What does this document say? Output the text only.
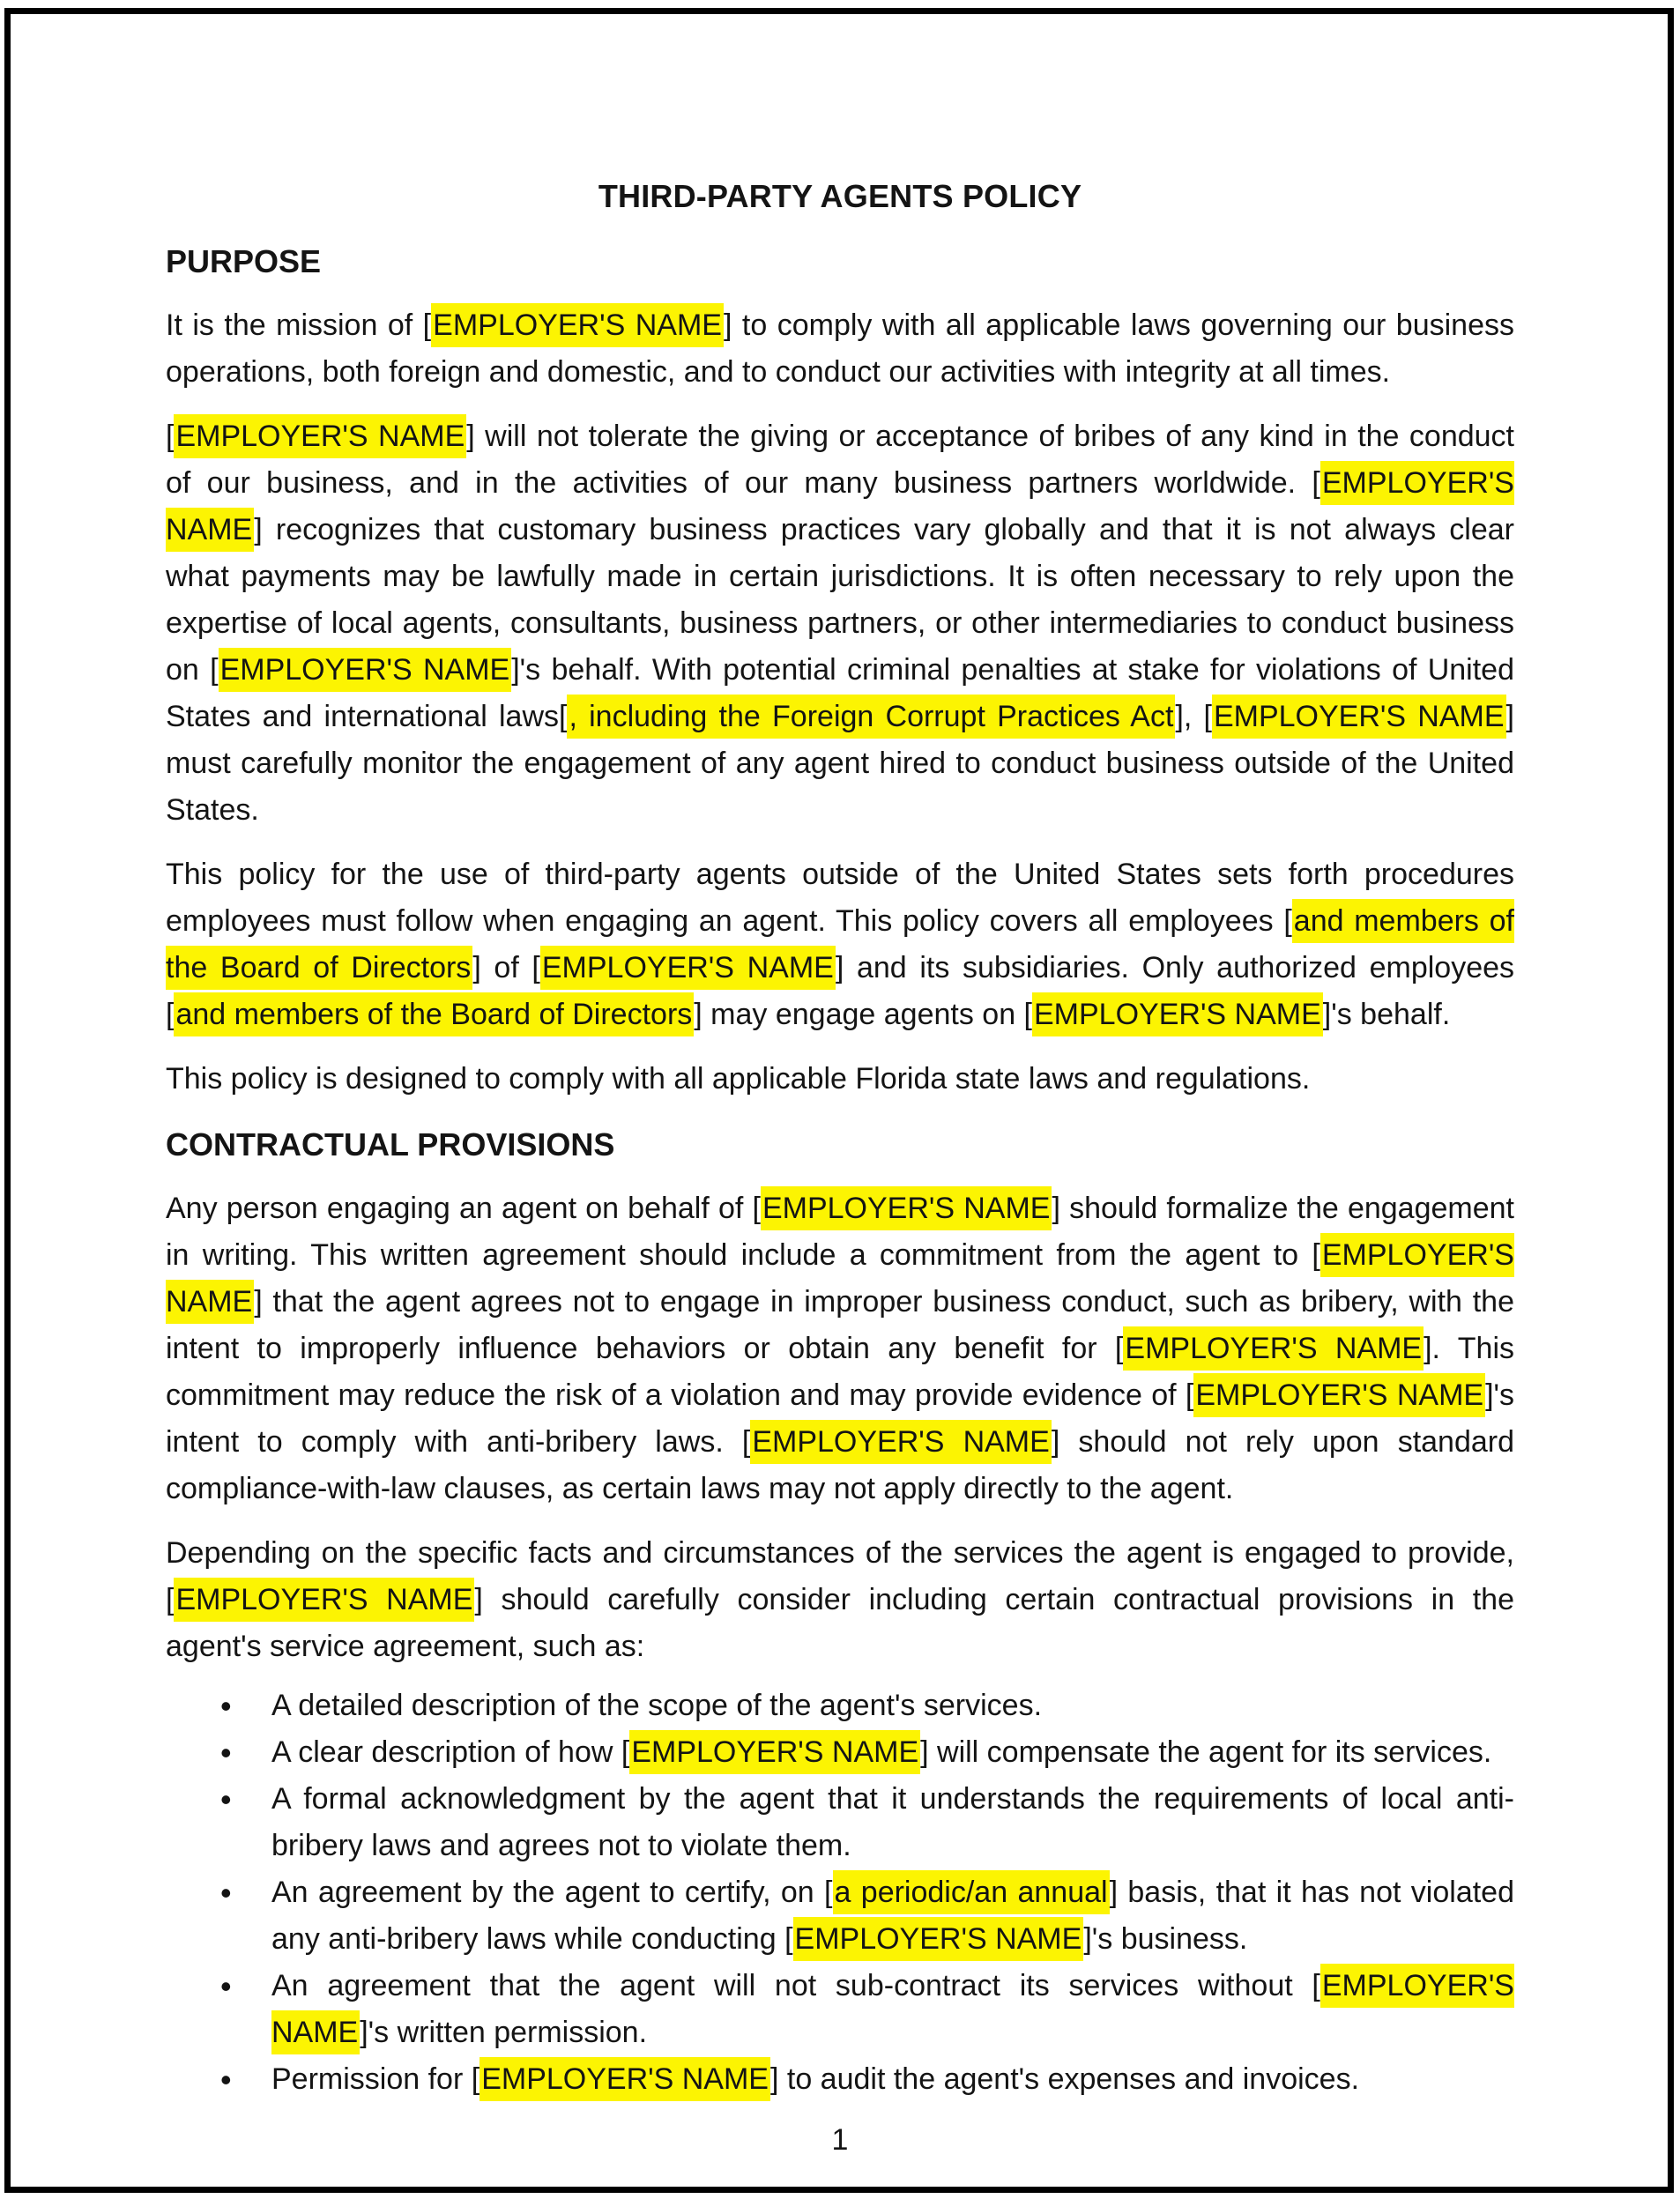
THIRD-PARTY AGENTS POLICY
PURPOSE

It is the mission of [EMPLOYER'S NAME] to comply with all applicable laws governing our business operations, both foreign and domestic, and to conduct our activities with integrity at all times.

[EMPLOYER'S NAME] will not tolerate the giving or acceptance of bribes of any kind in the conduct of our business, and in the activities of our many business partners worldwide. [EMPLOYER'S NAME] recognizes that customary business practices vary globally and that it is not always clear what payments may be lawfully made in certain jurisdictions. It is often necessary to rely upon the expertise of local agents, consultants, business partners, or other intermediaries to conduct business on [EMPLOYER'S NAME]'s behalf. With potential criminal penalties at stake for violations of United States and international laws[, including the Foreign Corrupt Practices Act], [EMPLOYER'S NAME] must carefully monitor the engagement of any agent hired to conduct business outside of the United States.

This policy for the use of third-party agents outside of the United States sets forth procedures employees must follow when engaging an agent. This policy covers all employees [and members of the Board of Directors] of [EMPLOYER'S NAME] and its subsidiaries. Only authorized employees [and members of the Board of Directors] may engage agents on [EMPLOYER'S NAME]'s behalf.

This policy is designed to comply with all applicable Florida state laws and regulations.

CONTRACTUAL PROVISIONS

Any person engaging an agent on behalf of [EMPLOYER'S NAME] should formalize the engagement in writing. This written agreement should include a commitment from the agent to [EMPLOYER'S NAME] that the agent agrees not to engage in improper business conduct, such as bribery, with the intent to improperly influence behaviors or obtain any benefit for [EMPLOYER'S NAME]. This commitment may reduce the risk of a violation and may provide evidence of [EMPLOYER'S NAME]'s intent to comply with anti-bribery laws. [EMPLOYER'S NAME] should not rely upon standard compliance-with-law clauses, as certain laws may not apply directly to the agent.

Depending on the specific facts and circumstances of the services the agent is engaged to provide, [EMPLOYER'S NAME] should carefully consider including certain contractual provisions in the agent's service agreement, such as:

• A detailed description of the scope of the agent's services.
• A clear description of how [EMPLOYER'S NAME] will compensate the agent for its services.
• A formal acknowledgment by the agent that it understands the requirements of local anti-bribery laws and agrees not to violate them.
• An agreement by the agent to certify, on [a periodic/an annual] basis, that it has not violated any anti-bribery laws while conducting [EMPLOYER'S NAME]'s business.
• An agreement that the agent will not sub-contract its services without [EMPLOYER'S NAME]'s written permission.
• Permission for [EMPLOYER'S NAME] to audit the agent's expenses and invoices.
1
